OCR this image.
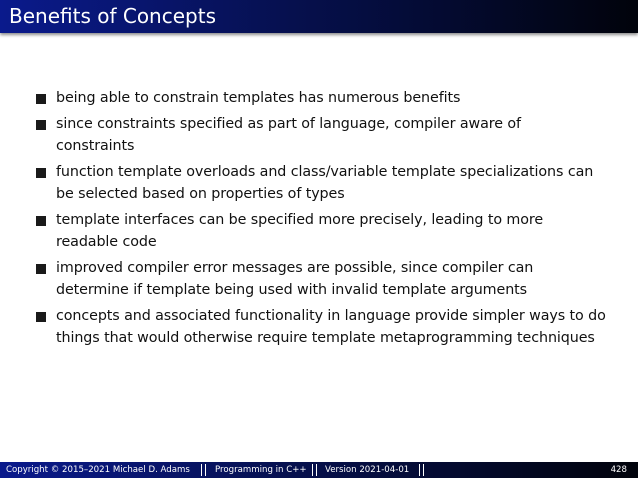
Benefits of Concepts
being able to constrain templates has numerous benefits
since constraints specified as part of language, compiler aware of constraints
function template overloads and class/variable template specializations can be selected based on properties of types
template interfaces can be specified more precisely, leading to more readable code
improved compiler error messages are possible, since compiler can determine if template being used with invalid template arguments
concepts and associated functionality in language provide simpler ways to do things that would otherwise require template metaprogramming techniques
Copyright © 2015–2021 Michael D. Adams	Programming in C++ Version 2021-04-01	428
